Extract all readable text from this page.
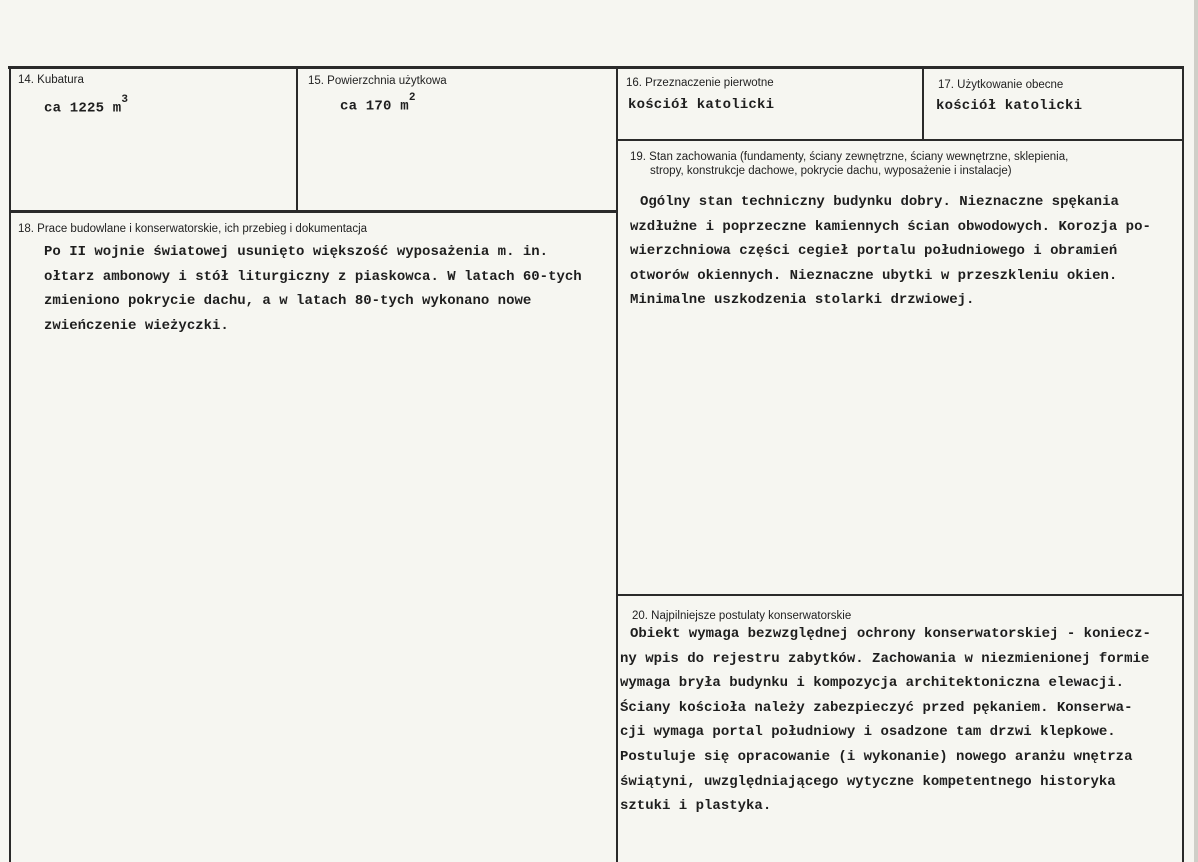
14. Kubatura
ca 1225 $m^3$
15. Powierzchnia użytkowa
ca 170 $m^2$
16. Przeznaczenie pierwotne
kościół katolicki
17. Użytkowanie obecne
kościół katolicki
19. Stan zachowania (fundamenty, ściany zewnętrzne, ściany wewnętrzne, sklepienia,
stropy, konstrukcje dachowe, pokrycie dachu, wyposażenie i instalacje)
Ogólny stan techniczny budynku dobry. Nieznaczne spękania
wzdłużne i poprzeczne kamiennych ścian obwodowych. Korozja po-
wierzchniowa części cegieł portalu południowego i obramień
otworów okiennych. Nieznaczne ubytki w przeszkleniu okien.
Minimalne uszkodzenia stolarki drzwiowej.
18. Prace budowlane i konserwatorskie, ich przebieg i dokumentacja
Po II wojnie światowej usunięto większość wyposażenia m. in.
ołtarz ambonowy i stół liturgiczny z piaskowca. W latach 60-tych
zmieniono pokrycie dachu, a w latach 80-tych wykonano nowe
zwieńczenie wieżyczki.
20. Najpilniejsze postulaty konserwatorskie
Obiekt wymaga bezwzględnej ochrony konserwatorskiej - koniecz-
ny wpis do rejestru zabytków. Zachowania w niezmienionej formie
wymaga bryła budynku i kompozycja architektoniczna elewacji.
Ściany kościoła należy zabezpieczyć przed pękaniem. Konserwa-
cji wymaga portal południowy i osadzone tam drzwi klepkowe.
Postuluje się opracowanie (i wykonanie) nowego aranżu wnętrza
świątyni, uwzględniającego wytyczne kompetentnego historyka
sztuki i plastyka.
